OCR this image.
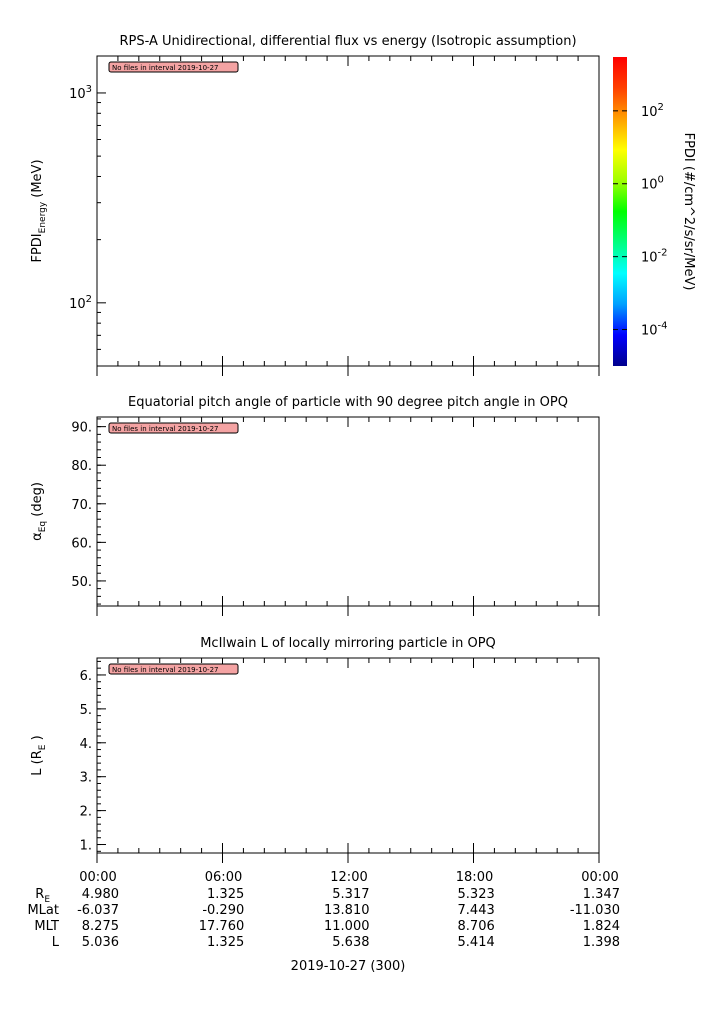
RPS-A Unidirectional, differential flux vs energy (Isotropic assumption)
$10^2$
$10^3$
$FPDI_{Energy}$ (MeV)
No files in interval 2019-10-27
Equatorial pitch angle of particle with 90 degree pitch angle in OPQ
50.
60.
70.
80.
90.
$\alpha_{Eq}$ (deg)
No files in interval 2019-10-27
McIlwain L of locally mirroring particle in OPQ
1.
2.
3.
4.
5.
6.
L ($R_E$ )
No files in interval 2019-10-27
$10^2$
$10^0$
$10^{-2}$
$10^{-4}$
FPDI (#/cm^2/s/sr/MeV)
00:00	06:00	12:00	18:00	00:00
2019-10-27 (300)
$R_E$ 4.980	1.325	5.317	5.323	1.347
MLat -6.037	-0.290	13.810	7.443	-11.030
MLT 8.275	17.760	11.000	8.706	1.824
L 5.036	1.325	5.638	5.414	1.398
